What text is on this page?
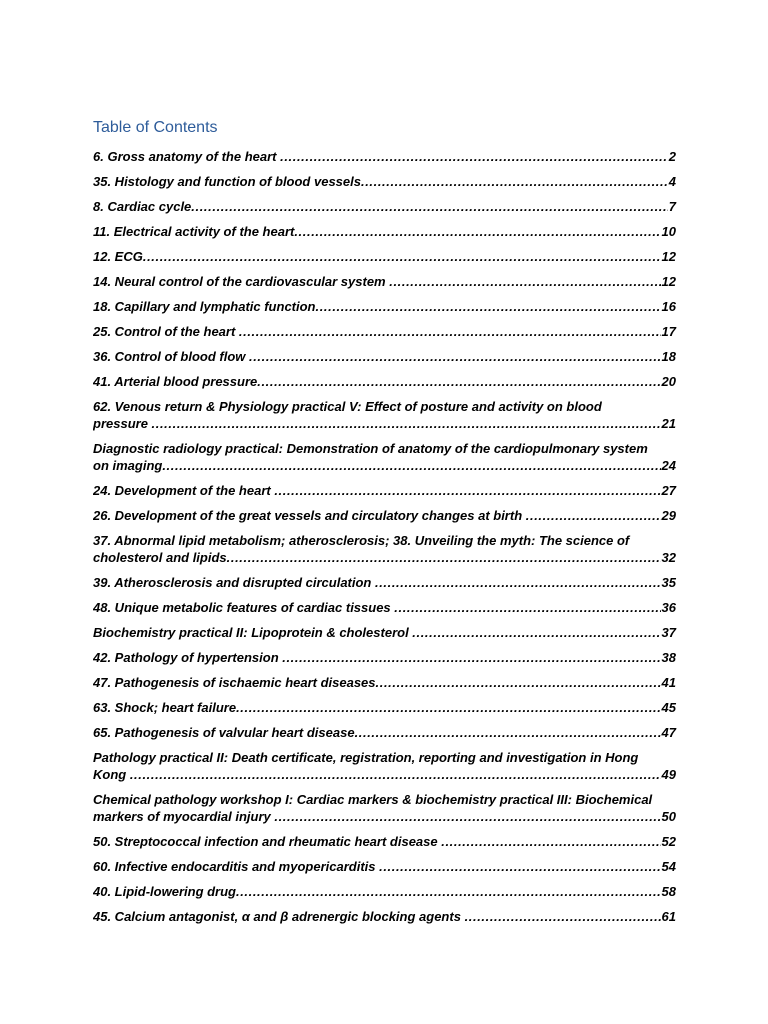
Table of Contents
6. Gross anatomy of the heart .....	2
35. Histology and function of blood vessels .....	4
8. Cardiac cycle .....	7
11. Electrical activity of the heart .....	10
12. ECG .....	12
14. Neural control of the cardiovascular system .....	12
18. Capillary and lymphatic function .....	16
25. Control of the heart .....	17
36. Control of blood flow .....	18
41. Arterial blood pressure .....	20
62. Venous return & Physiology practical V: Effect of posture and activity on blood
pressure .....	21
Diagnostic radiology practical: Demonstration of anatomy of the cardiopulmonary system
on imaging .....	24
24. Development of the heart .....	27
26. Development of the great vessels and circulatory changes at birth .....	29
37. Abnormal lipid metabolism; atherosclerosis; 38. Unveiling the myth: The science of
cholesterol and lipids .....	32
39. Atherosclerosis and disrupted circulation .....	35
48. Unique metabolic features of cardiac tissues .....	36
Biochemistry practical II: Lipoprotein & cholesterol .....	37
42. Pathology of hypertension .....	38
47. Pathogenesis of ischaemic heart diseases .....	41
63. Shock; heart failure .....	45
65. Pathogenesis of valvular heart disease .....	47
Pathology practical II: Death certificate, registration, reporting and investigation in Hong
Kong .....	49
Chemical pathology workshop I: Cardiac markers & biochemistry practical III: Biochemical
markers of myocardial injury .....	50
50. Streptococcal infection and rheumatic heart disease .....	52
60. Infective endocarditis and myopericarditis .....	54
40. Lipid-lowering drug .....	58
45. Calcium antagonist, α and β adrenergic blocking agents .....	61
